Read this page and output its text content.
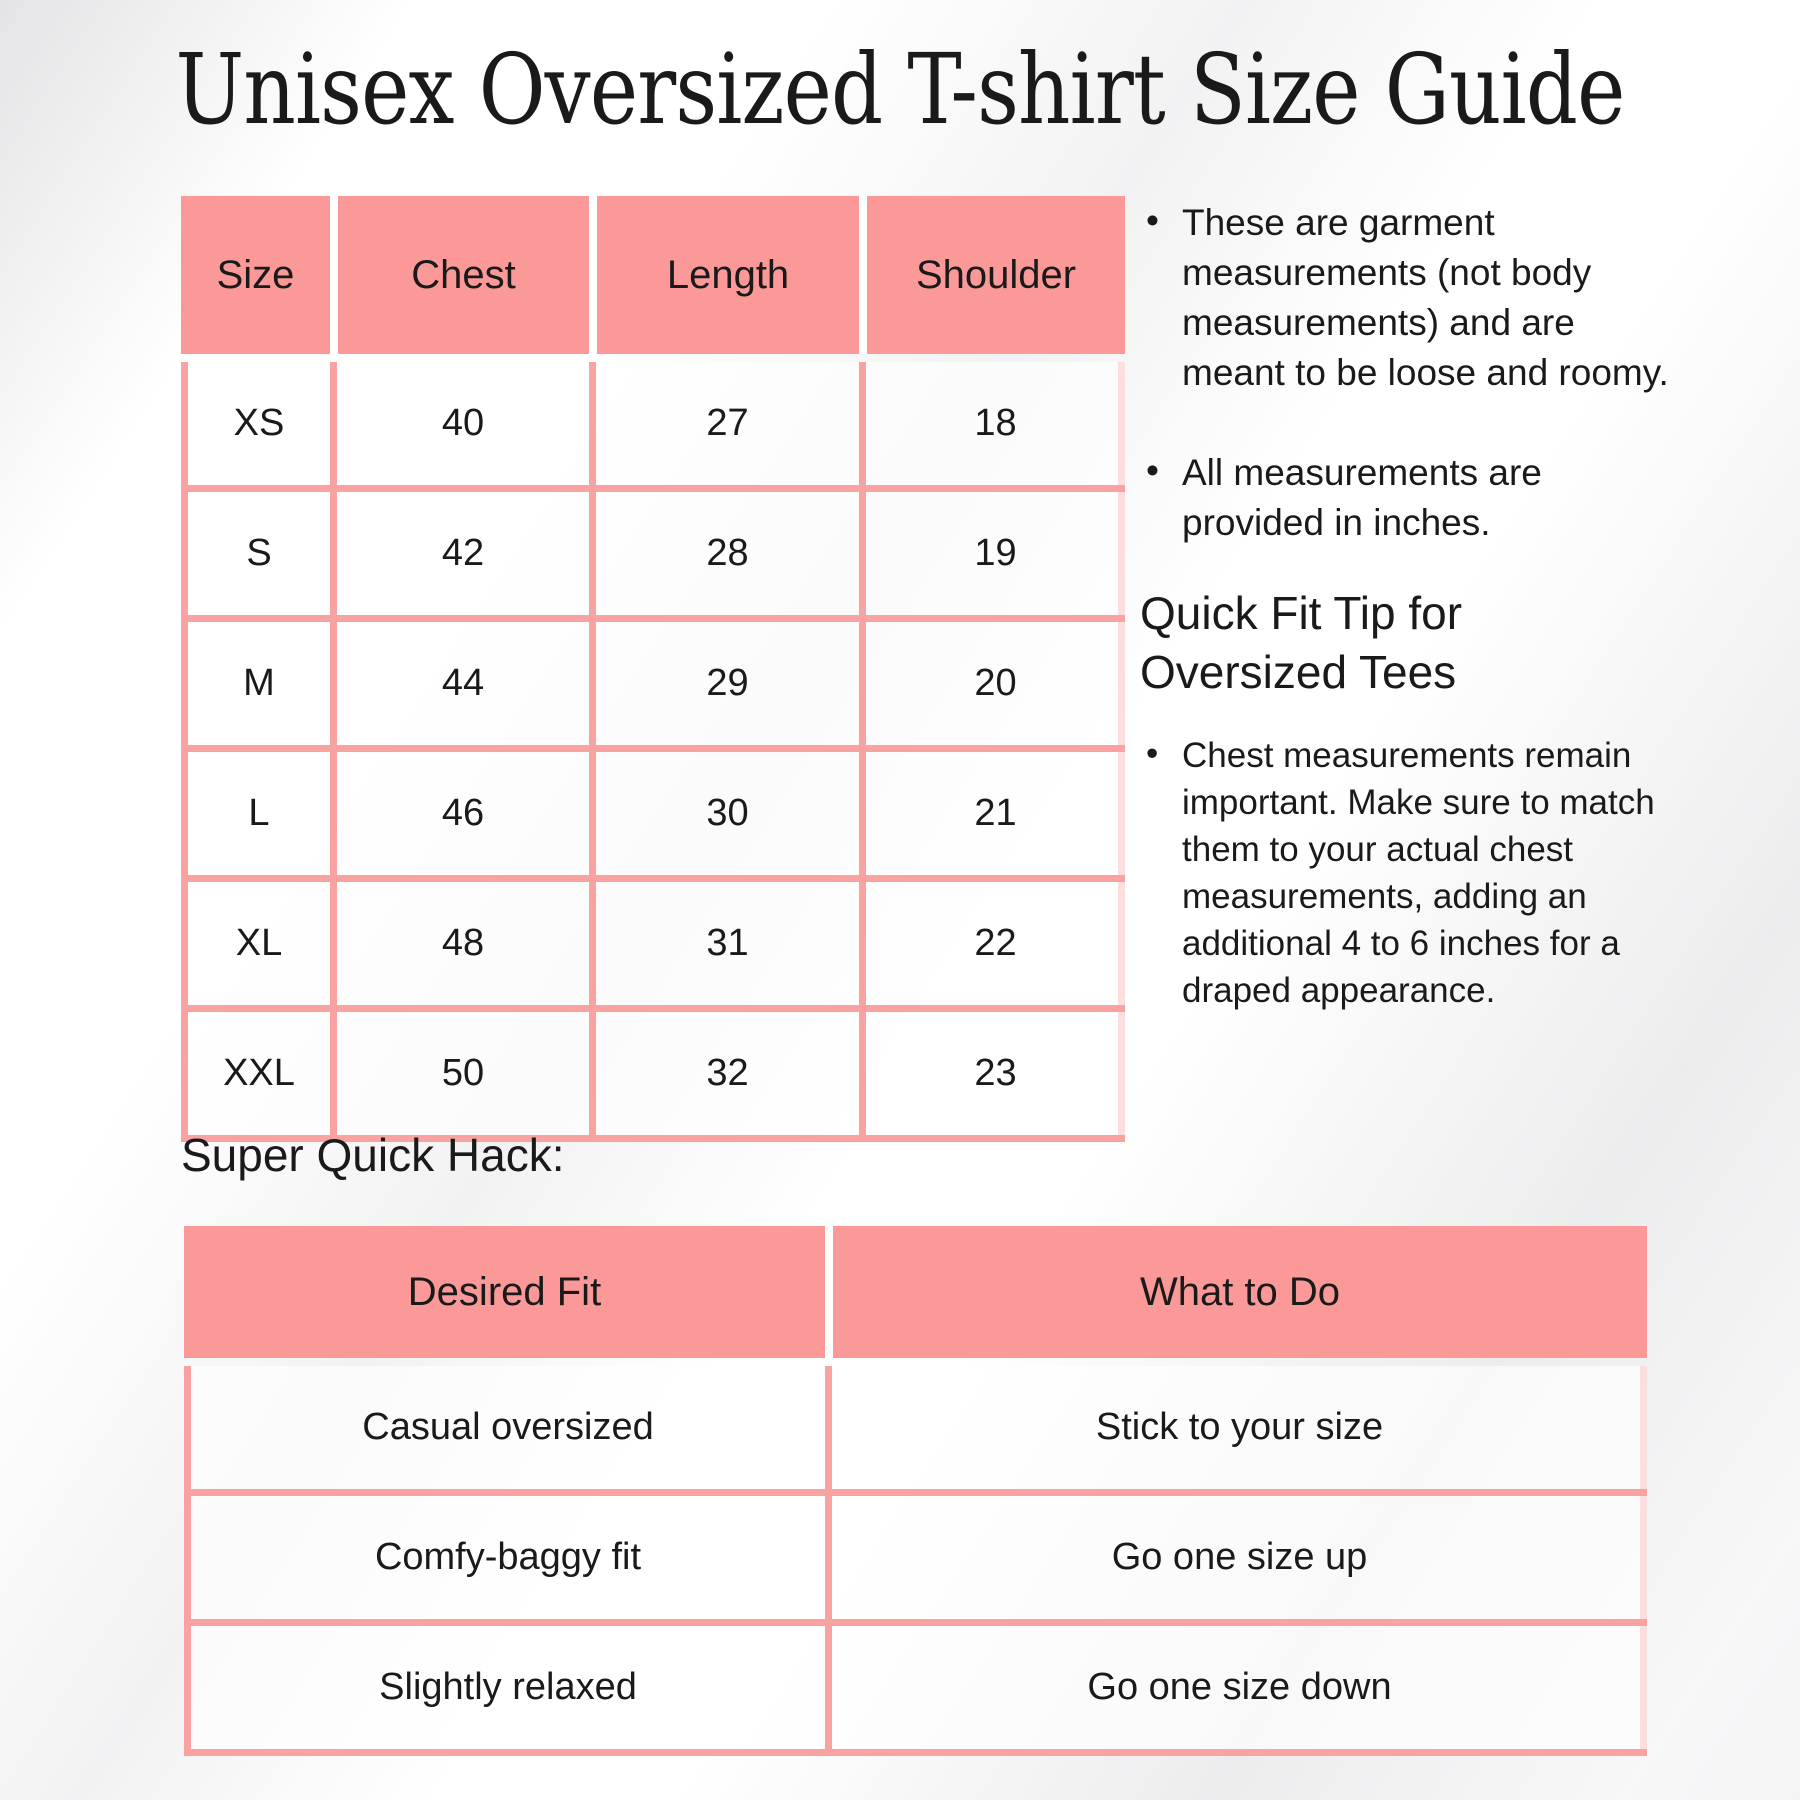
Unisex Oversized T-shirt Size Guide
Size	Chest	Length	Shoulder
XS	40	27	18
S	42	28	19
M	44	29	20
L	46	30	21
XL	48	31	22
XXL	50	32	23
• These are garment measurements (not body measurements) and are meant to be loose and roomy.
• All measurements are provided in inches.
Quick Fit Tip for Oversized Tees
• Chest measurements remain important. Make sure to match them to your actual chest measurements, adding an additional 4 to 6 inches for a draped appearance.
Super Quick Hack:
Desired Fit	What to Do
Casual oversized	Stick to your size
Comfy-baggy fit	Go one size up
Slightly relaxed	Go one size down
